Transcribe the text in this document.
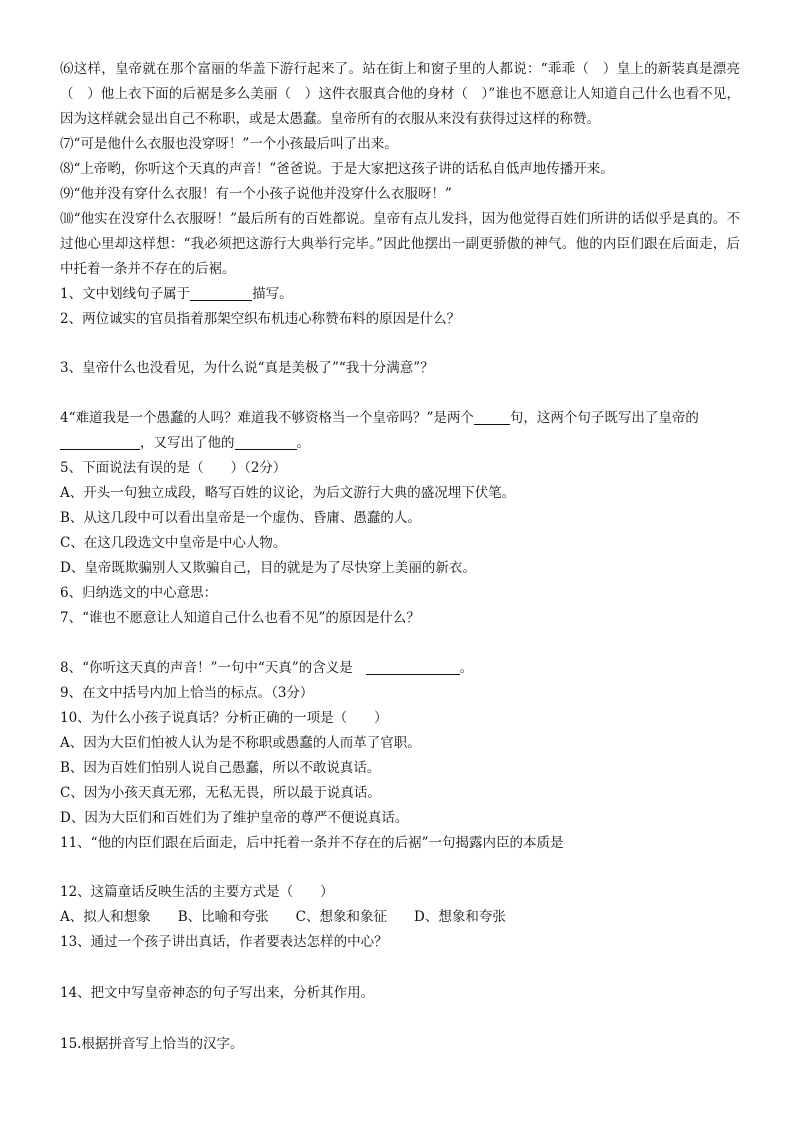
⑹这样，皇帝就在那个富丽的华盖下游行起来了。站在街上和窗子里的人都说：“乖乖（　）皇上的新装真是漂亮（　）他上衣下面的后裾是多么美丽（　）这件衣服真合他的身材（　）”谁也不愿意让人知道自己什么也看不见，因为这样就会显出自己不称职，或是太愚蠢。皇帝所有的衣服从来没有获得过这样的称赞。

⑺“可是他什么衣服也没穿呀！”一个小孩最后叫了出来。

⑻“上帝哟，你听这个天真的声音！”爸爸说。于是大家把这孩子讲的话私自低声地传播开来。

⑼“他并没有穿什么衣服！有一个小孩子说他并没穿什么衣服呀！”

⑽“他实在没穿什么衣服呀！”最后所有的百姓都说。皇帝有点儿发抖，因为他觉得百姓们所讲的话似乎是真的。不过他心里却这样想：“我必须把这游行大典举行完毕。”因此他摆出一副更骄傲的神气。他的内臣们跟在后面走，后中托着一条并不存在的后裾。

1、文中划线句子属于	描写。
2、两位诚实的官员指着那架空织布机违心称赞布料的原因是什么？
3、皇帝什么也没看见，为什么说“真是美极了”“我十分满意”？

4“难道我是一个愚蠢的人吗？难道我不够资格当一个皇帝吗？”是两个	句，这两个句子既写出了皇帝的
，又写出了他的	。

5、下面说法有误的是（　　）（2分）
A、开头一句独立成段，略写百姓的议论，为后文游行大典的盛况埋下伏笔。
B、从这几段中可以看出皇帝是一个虚伪、昏庸、愚蠢的人。
C、在这几段选文中皇帝是中心人物。
D、皇帝既欺骗别人又欺骗自己，目的就是为了尽快穿上美丽的新衣。
6、归纳选文的中心意思：
7、“谁也不愿意让人知道自己什么也看不见”的原因是什么？
8、“你听这天真的声音！”一句中“天真”的含义是	。
9、在文中括号内加上恰当的标点。（3分）
10、为什么小孩子说真话？分析正确的一项是（　　）
A、因为大臣们怕被人认为是不称职或愚蠢的人而革了官职。
B、因为百姓们怕别人说自己愚蠢，所以不敢说真话。
C、因为小孩天真无邪，无私无畏，所以最于说真话。
D、因为大臣们和百姓们为了维护皇帝的尊严不便说真话。
11、“他的内臣们跟在后面走，后中托着一条并不存在的后裾”一句揭露内臣的本质是
12、这篇童话反映生活的主要方式是（　　）
A、拟人和想象　　B、比喻和夸张　　C、想象和象征　　D、想象和夸张
13、通过一个孩子讲出真话，作者要表达怎样的中心？
14、把文中写皇帝神态的句子写出来，分析其作用。
15.根据拼音写上恰当的汉字。
